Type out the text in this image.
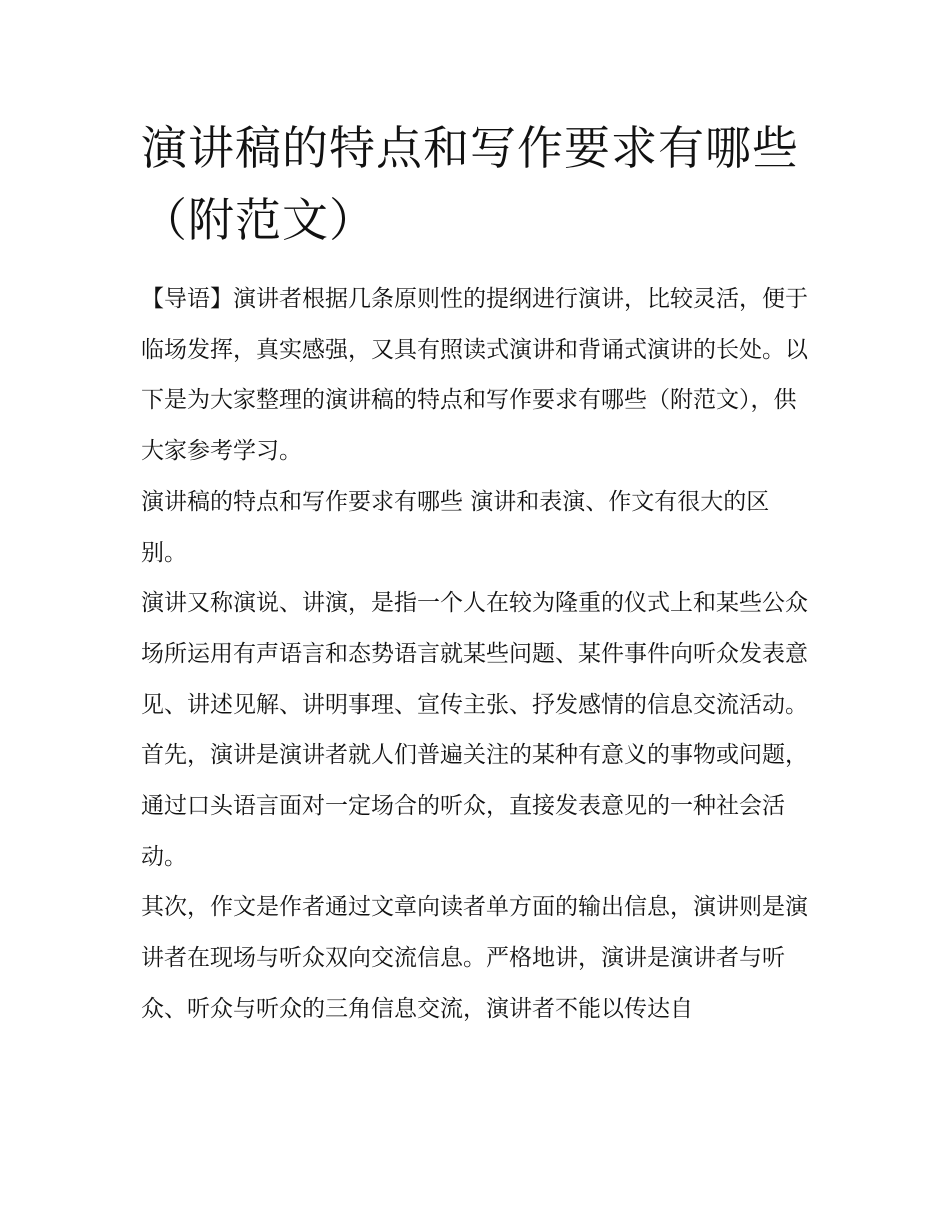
演讲稿的特点和写作要求有哪些（附范文）

【导语】演讲者根据几条原则性的提纲进行演讲，比较灵活，便于临场发挥，真实感强，又具有照读式演讲和背诵式演讲的长处。以下是为大家整理的演讲稿的特点和写作要求有哪些（附范文），供大家参考学习。

演讲稿的特点和写作要求有哪些 演讲和表演、作文有很大的区别。

演讲又称演说、讲演，是指一个人在较为隆重的仪式上和某些公众场所运用有声语言和态势语言就某些问题、某件事件向听众发表意见、讲述见解、讲明事理、宣传主张、抒发感情的信息交流活动。

首先，演讲是演讲者就人们普遍关注的某种有意义的事物或问题，通过口头语言面对一定场合的听众，直接发表意见的一种社会活动。

其次，作文是作者通过文章向读者单方面的输出信息，演讲则是演讲者在现场与听众双向交流信息。严格地讲，演讲是演讲者与听众、听众与听众的三角信息交流，演讲者不能以传达自
